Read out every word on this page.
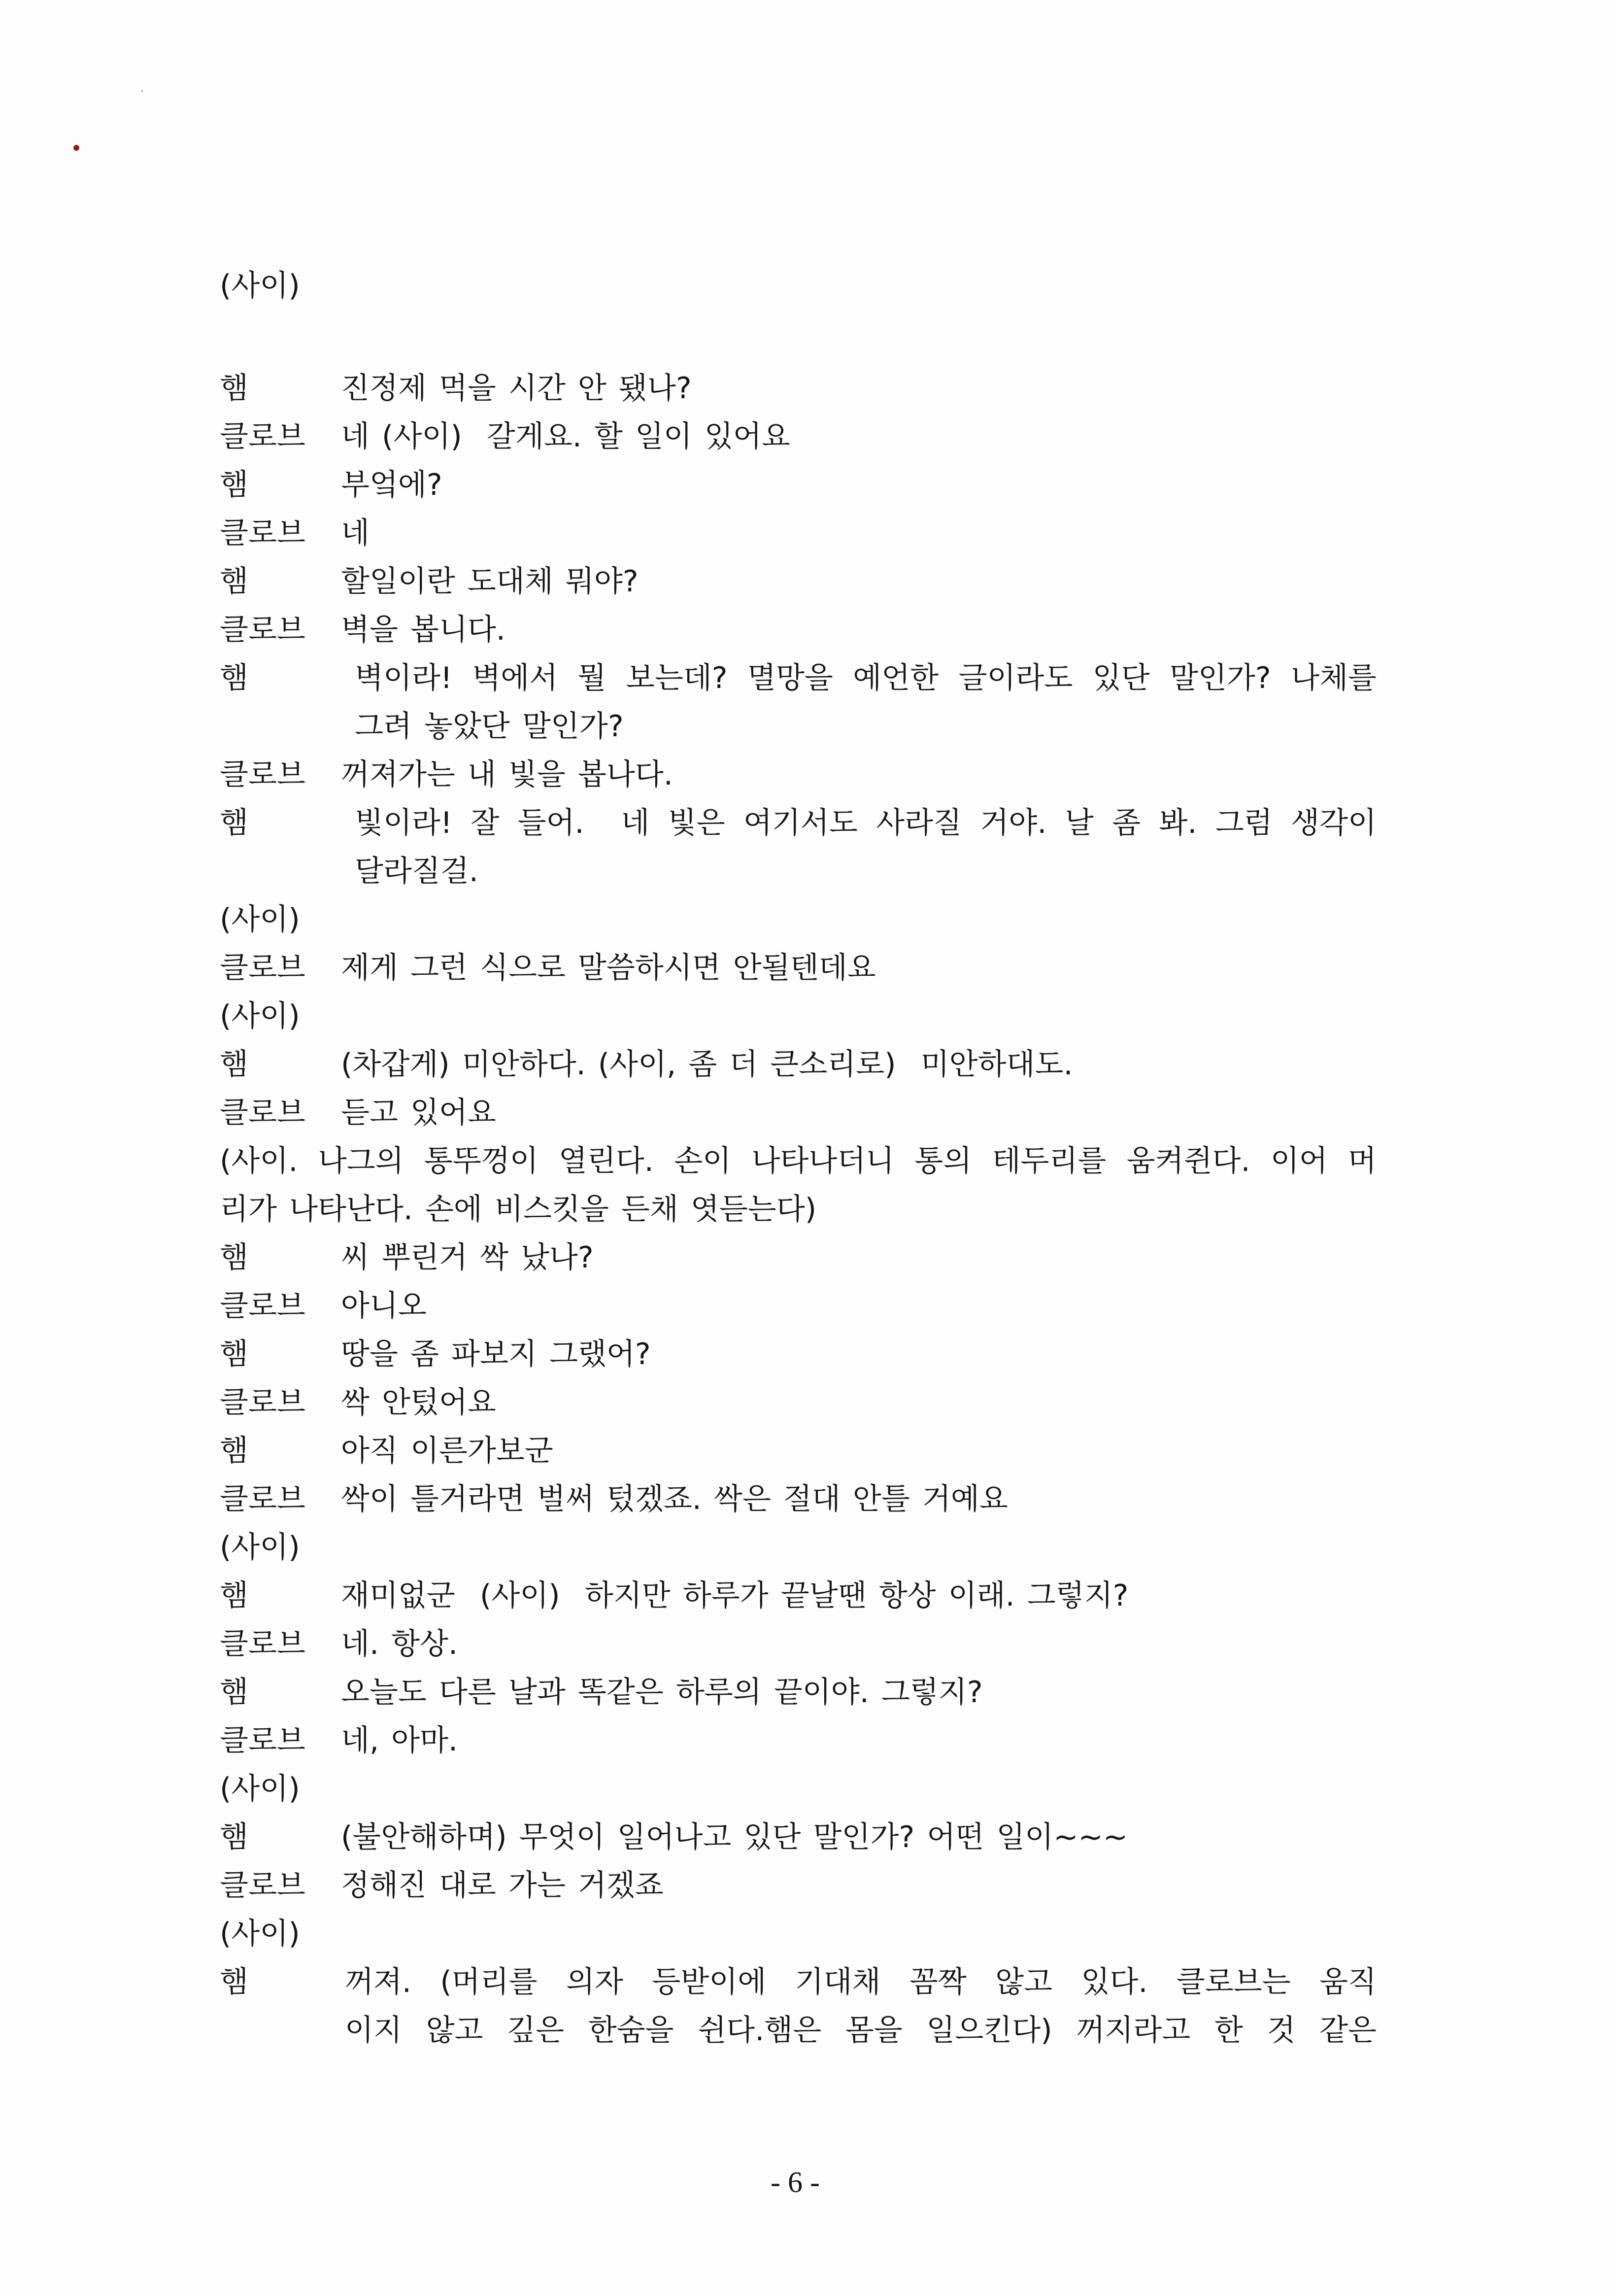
(사이)
햄	진정제 먹을 시간 안 됐나?
클로브	네 (사이)  갈게요. 할 일이 있어요
햄	부엌에?
클로브	네
햄	할일이란 도대체 뭐야?
클로브	벽을 봅니다.
햄	벽이라! 벽에서 뭘 보는데? 멸망을 예언한 글이라도 있단 말인가? 나체를
그려 놓았단 말인가?
클로브	꺼져가는 내 빛을 봅나다.
햄	빛이라! 잘 들어.  네 빛은 여기서도 사라질 거야. 날 좀 봐. 그럼 생각이
달라질걸.
(사이)
클로브	제게 그런 식으로 말씀하시면 안될텐데요
(사이)
햄	(차갑게) 미안하다. (사이, 좀 더 큰소리로)  미안하대도.
클로브	듣고 있어요
(사이. 나그의 통뚜껑이 열린다. 손이 나타나더니 통의 테두리를 움켜쥔다. 이어 머
리가 나타난다. 손에 비스킷을 든채 엿듣는다)
햄	씨 뿌린거 싹 났나?
클로브	아니오
햄	땅을 좀 파보지 그랬어?
클로브	싹 안텄어요
햄	아직 이른가보군
클로브	싹이 틀거라면 벌써 텄겠죠. 싹은 절대 안틀 거예요
(사이)
햄	재미없군  (사이)  하지만 하루가 끝날땐 항상 이래. 그렇지?
클로브	네. 항상.
햄	오늘도 다른 날과 똑같은 하루의 끝이야. 그렇지?
클로브	네, 아마.
(사이)
햄	(불안해하며) 무엇이 일어나고 있단 말인가? 어떤 일이~~~
클로브	정해진 대로 가는 거겠죠
(사이)
햄	꺼져. (머리를 의자 등받이에 기대채 꼼짝 않고 있다. 클로브는 움직
이지 않고 깊은 한숨을 쉰다.햄은 몸을 일으킨다) 꺼지라고 한 것 같은
- 6 -
